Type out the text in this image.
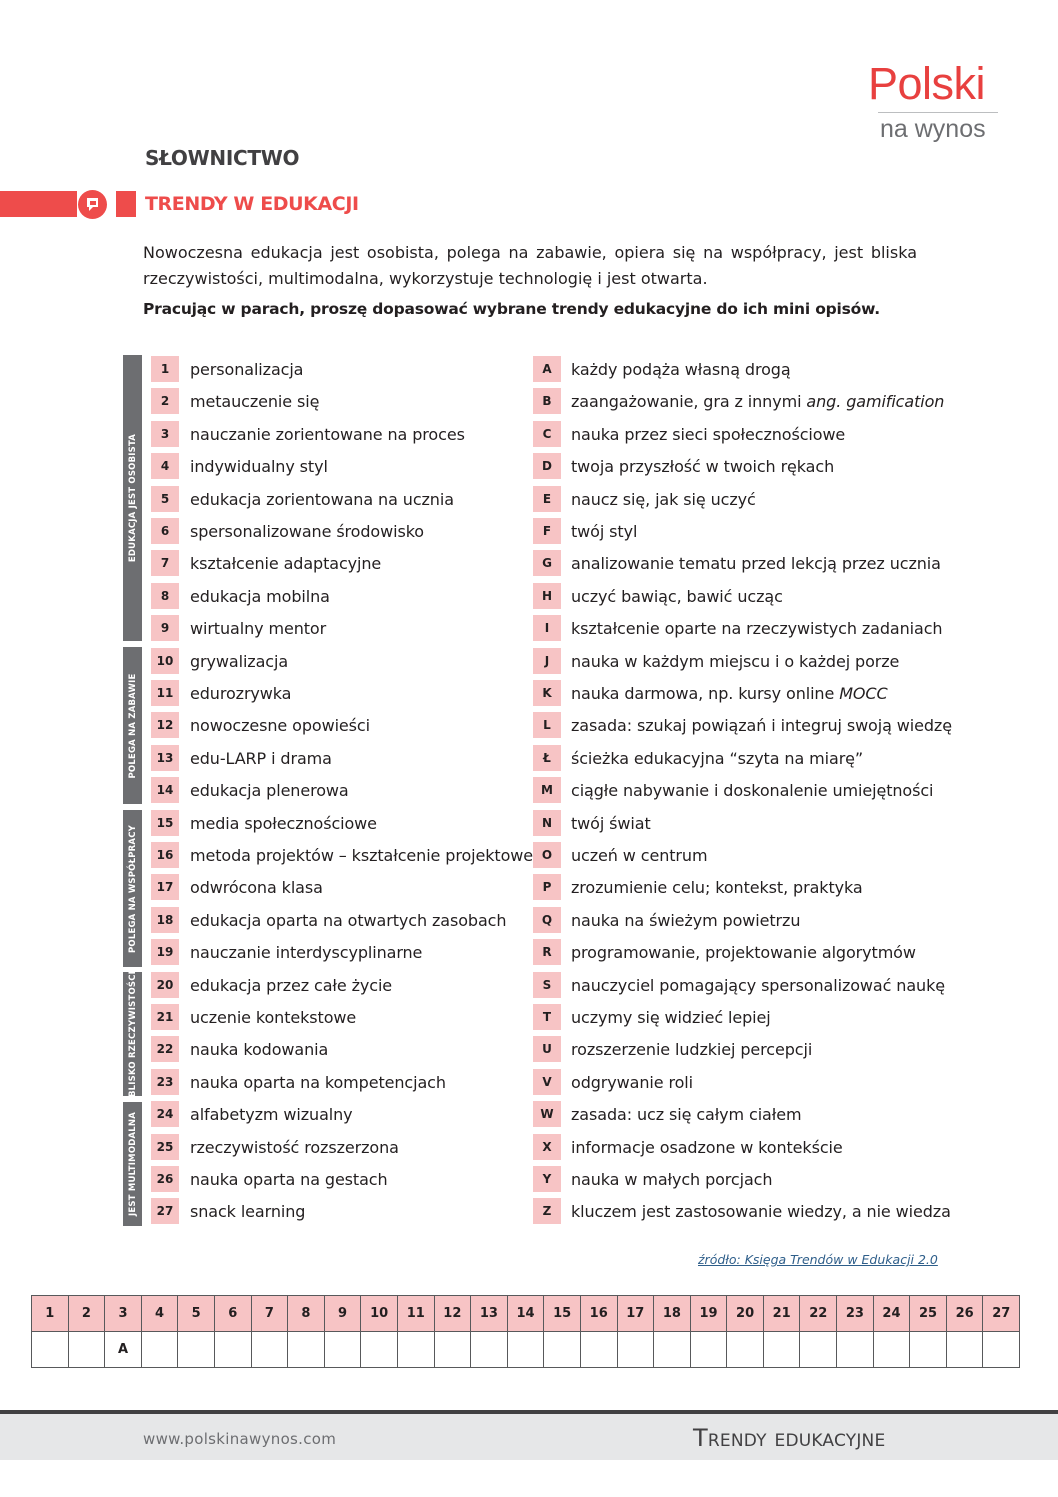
Polski
na wynos
SŁOWNICTWO
TRENDY W EDUKACJI
Nowoczesna edukacja jest osobista, polega na zabawie, opiera się na współpracy, jest bliska rzeczywistości, multimodalna, wykorzystuje technologię i jest otwarta.
Pracując w parach, proszę dopasować wybrane trendy edukacyjne do ich mini opisów.
EDUKACJA JEST OSOBISTA
POLEGA NA ZABAWIE
POLEGA NA WSPÓŁPRACY
BLISKO RZECZYWISTOŚCI
JEST MULTIMODALNA
1	personalizacja
2	metauczenie się
3	nauczanie zorientowane na proces
4	indywidualny styl
5	edukacja zorientowana na ucznia
6	spersonalizowane środowisko
7	kształcenie adaptacyjne
8	edukacja mobilna
9	wirtualny mentor
10	grywalizacja
11	edurozrywka
12	nowoczesne opowieści
13	edu-LARP i drama
14	edukacja plenerowa
15	media społecznościowe
16	metoda projektów – kształcenie projektowe
17	odwrócona klasa
18	edukacja oparta na otwartych zasobach
19	nauczanie interdyscyplinarne
20	edukacja przez całe życie
21	uczenie kontekstowe
22	nauka kodowania
23	nauka oparta na kompetencjach
24	alfabetyzm wizualny
25	rzeczywistość rozszerzona
26	nauka oparta na gestach
27	snack learning
A	każdy podąża własną drogą
B	zaangażowanie, gra z innymi ang. gamification
C	nauka przez sieci społecznościowe
D	twoja przyszłość w twoich rękach
E	naucz się, jak się uczyć
F	twój styl
G	analizowanie tematu przed lekcją przez ucznia
H	uczyć bawiąc, bawić ucząc
I	kształcenie oparte na rzeczywistych zadaniach
J	nauka w każdym miejscu i o każdej porze
K	nauka darmowa, np. kursy online MOCC
L	zasada: szukaj powiązań i integruj swoją wiedzę
Ł	ścieżka edukacyjna “szyta na miarę”
M	ciągłe nabywanie i doskonalenie umiejętności
N	twój świat
O	uczeń w centrum
P	zrozumienie celu; kontekst, praktyka
Q	nauka na świeżym powietrzu
R	programowanie, projektowanie algorytmów
S	nauczyciel pomagający spersonalizować naukę
T	uczymy się widzieć lepiej
U	rozszerzenie ludzkiej percepcji
V	odgrywanie roli
W	zasada: ucz się całym ciałem
X	informacje osadzone w kontekście
Y	nauka w małych porcjach
Z	kluczem jest zastosowanie wiedzy, a nie wiedza
źródło: Księga Trendów w Edukacji 2.0
1	2	3	4	5	6	7	8	9	10	11	12	13	14	15	16	17	18	19	20	21	22	23	24	25	26	27
		A																								
www.polskinawynos.com	Trendy edukacyjne
